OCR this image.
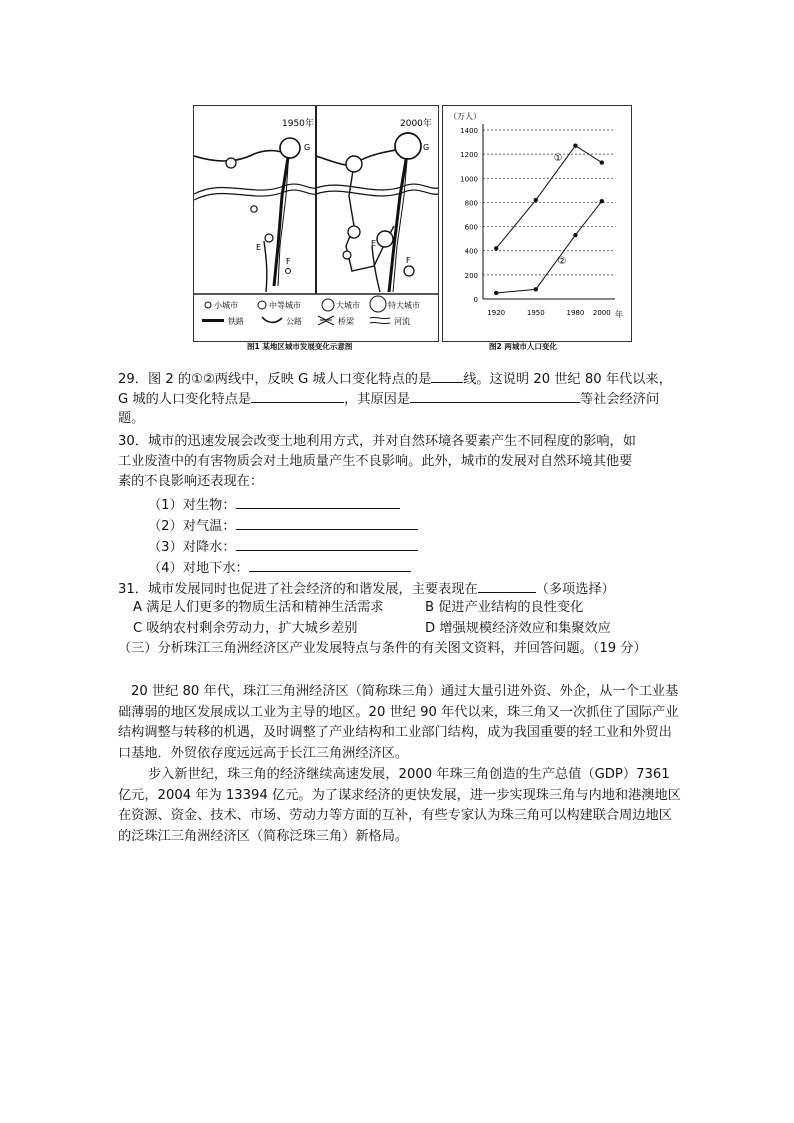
1950年
G
E
F
2000年
G
E
F
小城市	中等城市	大城市	特大城市
铁路	公路	桥梁	河流
（万人）
0
200
400
600
800
1000
1200
1400
1920	1950	1980 2000
①
②
年
图1 某地区城市发展变化示意图	图2 两城市人口变化
29．图 2 的①②两线中，反映 G 城人口变化特点的是 线。这说明 20 世纪 80 年代以来，
G 城的人口变化特点是	，其原因是	等社会经济问
题。
30．城市的迅速发展会改变土地利用方式，并对自然环境各要素产生不同程度的影响，如
工业废渣中的有害物质会对土地质量产生不良影响。此外，城市的发展对自然环境其他要
素的不良影响还表现在：
（1）对生物：
（2）对气温：
（3）对降水：
（4）对地下水：
31．城市发展同时也促进了社会经济的和谐发展，主要表现在	（多项选择）
A 满足人们更多的物质生活和精神生活需求	B 促进产业结构的良性变化
C 吸纳农村剩余劳动力，扩大城乡差别	D 增强规模经济效应和集聚效应
（三）分析珠江三角洲经济区产业发展特点与条件的有关图文资料，并回答问题。（19 分）
20 世纪 80 年代，珠江三角洲经济区（简称珠三角）通过大量引进外资、外企，从一个工业基础薄弱的地区发展成以工业为主导的地区。20 世纪 90 年代以来，珠三角又一次抓住了国际产业结构调整与转移的机遇，及时调整了产业结构和工业部门结构，成为我国重要的轻工业和外贸出口基地．外贸依存度远远高于长江三角洲经济区。
步入新世纪，珠三角的经济继续高速发展，2000 年珠三角创造的生产总值（GDP）7361 亿元，2004 年为 13394 亿元。为了谋求经济的更快发展，进一步实现珠三角与内地和港澳地区在资源、资金、技术、市场、劳动力等方面的互补，有些专家认为珠三角可以构建联合周边地区的泛珠江三角洲经济区（简称泛珠三角）新格局。
